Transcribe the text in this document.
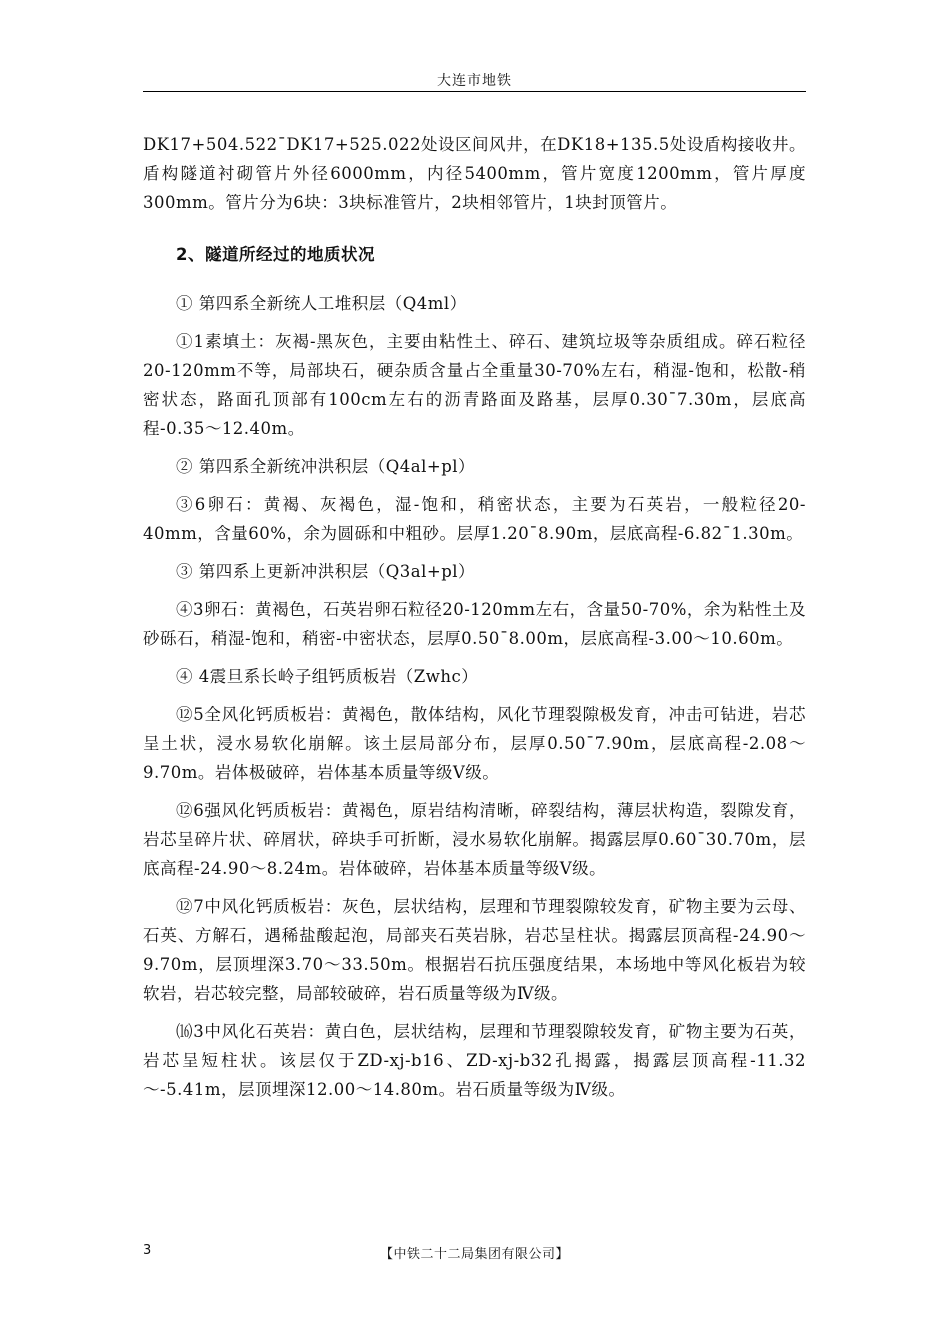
大连市地铁

DK17+504.522¯DK17+525.022处设区间风井，在DK18+135.5处设盾构接收井。盾构隧道衬砌管片外径6000mm，内径5400mm，管片宽度1200mm，管片厚度300mm。管片分为6块：3块标准管片，2块相邻管片，1块封顶管片。

2、隧道所经过的地质状况

① 第四系全新统人工堆积层（Q4ml）

①1素填土：灰褐-黑灰色，主要由粘性土、碎石、建筑垃圾等杂质组成。碎石粒径20-120mm不等，局部块石，硬杂质含量占全重量30-70%左右，稍湿-饱和，松散-稍密状态，路面孔顶部有100cm左右的沥青路面及路基，层厚0.30¯7.30m，层底高程-0.35～12.40m。

② 第四系全新统冲洪积层（Q4al+pl）

③6卵石：黄褐、灰褐色，湿-饱和，稍密状态，主要为石英岩，一般粒径20-40mm，含量60%，余为圆砾和中粗砂。层厚1.20¯8.90m，层底高程-6.82¯1.30m。

③ 第四系上更新冲洪积层（Q3al+pl）

④3卵石：黄褐色，石英岩卵石粒径20-120mm左右，含量50-70%，余为粘性土及砂砾石，稍湿-饱和，稍密-中密状态，层厚0.50¯8.00m，层底高程-3.00～10.60m。

④ 4震旦系长岭子组钙质板岩（Zwhc）

⑫5全风化钙质板岩：黄褐色，散体结构，风化节理裂隙极发育，冲击可钻进，岩芯呈土状，浸水易软化崩解。该土层局部分布，层厚0.50¯7.90m，层底高程-2.08～9.70m。岩体极破碎，岩体基本质量等级Ⅴ级。

⑫6强风化钙质板岩：黄褐色，原岩结构清晰，碎裂结构，薄层状构造，裂隙发育，岩芯呈碎片状、碎屑状，碎块手可折断，浸水易软化崩解。揭露层厚0.60¯30.70m，层底高程-24.90～8.24m。岩体破碎，岩体基本质量等级Ⅴ级。

⑫7中风化钙质板岩：灰色，层状结构，层理和节理裂隙较发育，矿物主要为云母、石英、方解石，遇稀盐酸起泡，局部夹石英岩脉，岩芯呈柱状。揭露层顶高程-24.90～9.70m，层顶埋深3.70～33.50m。根据岩石抗压强度结果，本场地中等风化板岩为较软岩，岩芯较完整，局部较破碎，岩石质量等级为Ⅳ级。

⒃3中风化石英岩：黄白色，层状结构，层理和节理裂隙较发育，矿物主要为石英，岩芯呈短柱状。该层仅于ZD-xj-b16、ZD-xj-b32孔揭露，揭露层顶高程-11.32～-5.41m，层顶埋深12.00～14.80m。岩石质量等级为Ⅳ级。

3	【中铁二十二局集团有限公司】
